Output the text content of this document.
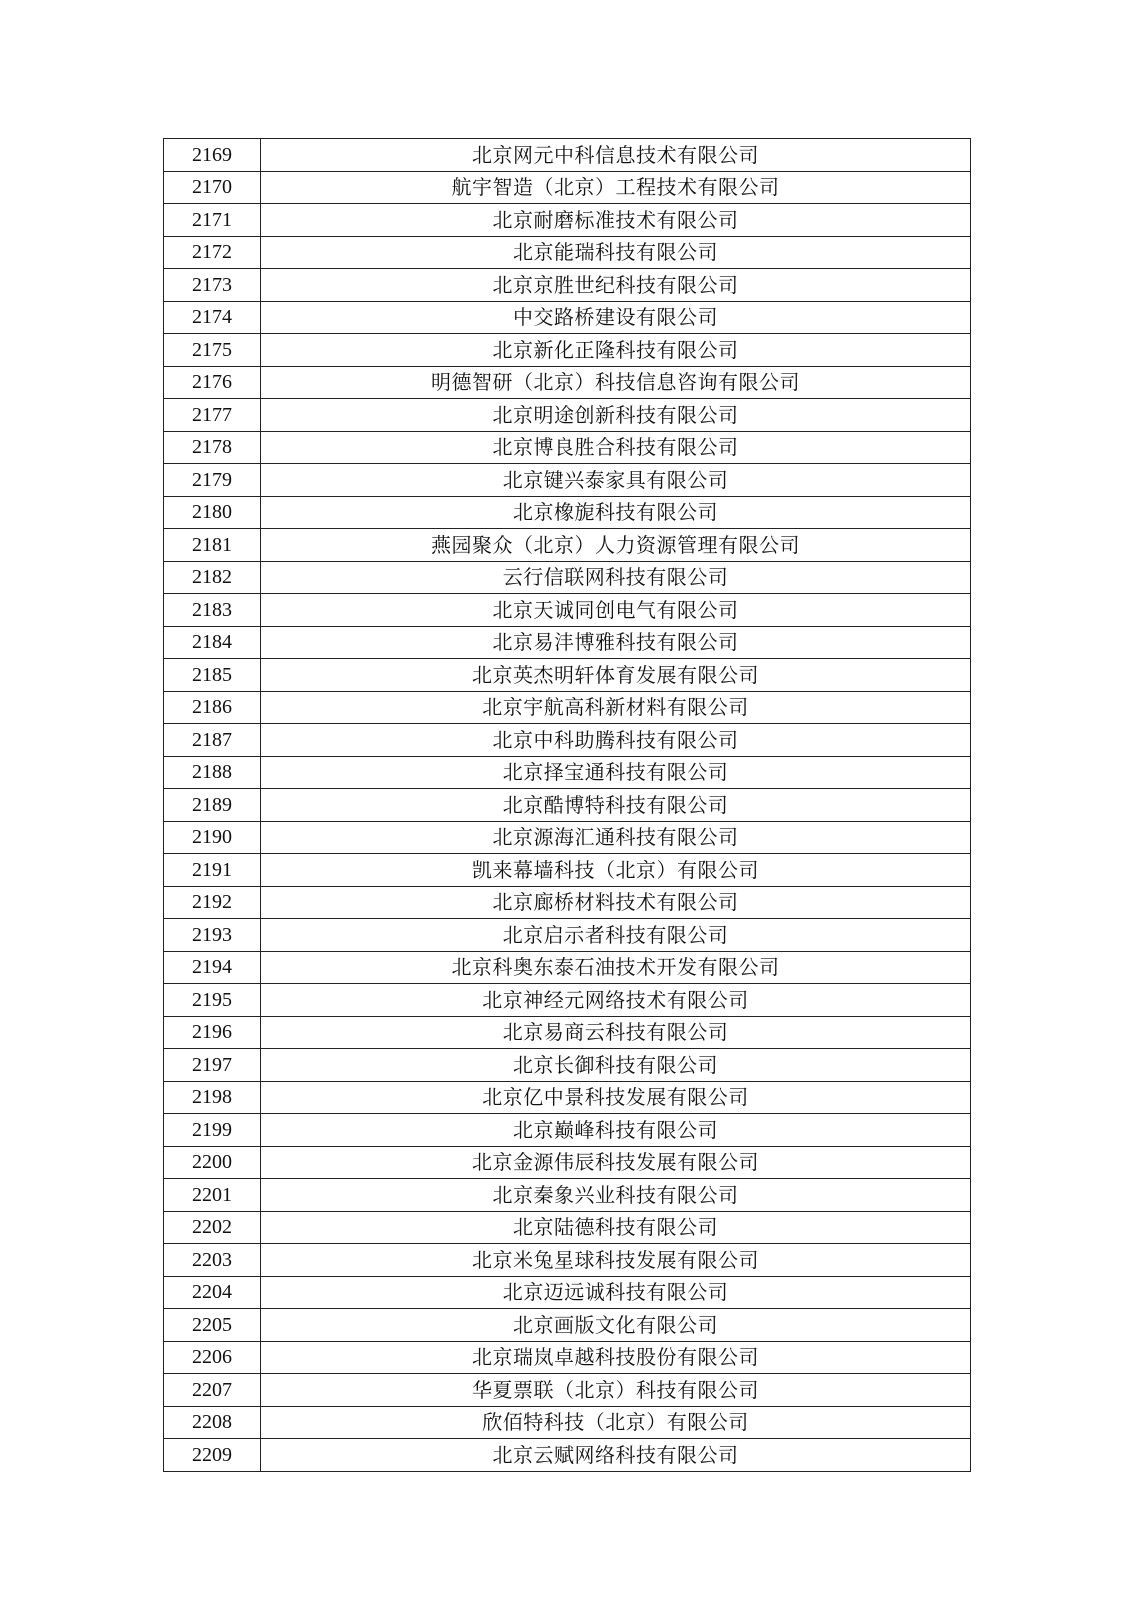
2169	北京网元中科信息技术有限公司
2170	航宇智造（北京）工程技术有限公司
2171	北京耐磨标准技术有限公司
2172	北京能瑞科技有限公司
2173	北京京胜世纪科技有限公司
2174	中交路桥建设有限公司
2175	北京新化正隆科技有限公司
2176	明德智研（北京）科技信息咨询有限公司
2177	北京明途创新科技有限公司
2178	北京博良胜合科技有限公司
2179	北京键兴泰家具有限公司
2180	北京橡旎科技有限公司
2181	燕园聚众（北京）人力资源管理有限公司
2182	云行信联网科技有限公司
2183	北京天诚同创电气有限公司
2184	北京易沣博雅科技有限公司
2185	北京英杰明轩体育发展有限公司
2186	北京宇航高科新材料有限公司
2187	北京中科助腾科技有限公司
2188	北京择宝通科技有限公司
2189	北京酷博特科技有限公司
2190	北京源海汇通科技有限公司
2191	凯来幕墙科技（北京）有限公司
2192	北京廊桥材料技术有限公司
2193	北京启示者科技有限公司
2194	北京科奥东泰石油技术开发有限公司
2195	北京神经元网络技术有限公司
2196	北京易商云科技有限公司
2197	北京长御科技有限公司
2198	北京亿中景科技发展有限公司
2199	北京巅峰科技有限公司
2200	北京金源伟辰科技发展有限公司
2201	北京秦象兴业科技有限公司
2202	北京陆德科技有限公司
2203	北京米兔星球科技发展有限公司
2204	北京迈远诚科技有限公司
2205	北京画版文化有限公司
2206	北京瑞岚卓越科技股份有限公司
2207	华夏票联（北京）科技有限公司
2208	欣佰特科技（北京）有限公司
2209	北京云赋网络科技有限公司
